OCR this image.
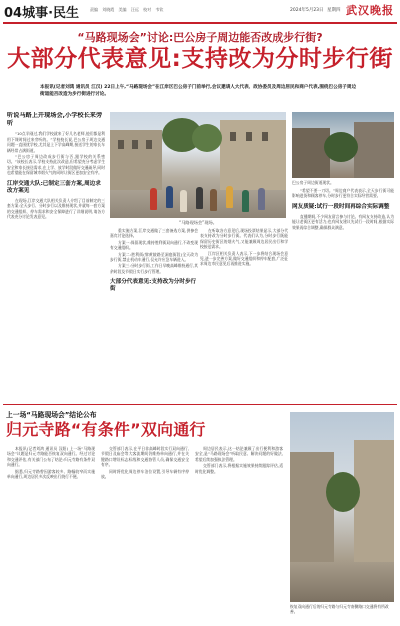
04城事·民生	责编 刘晓霞 美编 汪远 校对 韦钦	2024年5月23日 星期四 武汉晚报
“马路现场会”讨论:巴公房子周边能否改成步行街?
大部分代表意见:支持改为分时步行街
本报讯(记者刘鸿 通讯员 江汉) 22日上午,“马路现场会”在江岸区巴公房子门前举行,会议邀请人大代表、政协委员及周边居民和商户代表,围绕巴公房子周边街道能否改造为步行街进行讨论。
听说马路上开现场会,小学校长来旁听

“10点半刚过,我们学校就来了好几名老师,他们都是利用下课时间过来旁听的。”学校校长说,巴公房子周边交通问题一直困扰学校,尤其是上下学高峰期,接送学生的家长车辆经常占满街道。

“巴公房子周边改成步行街与否,跟学校的关系密切。”该校长表示,学校支持此次改造,但希望充分考虑学生安全和家长接送需求,在上学、放学时段做好交通疏导,同时也希望能在保留城市烟火气的同时让街区更加安全有序。

江岸交通大队:已制定三套方案,周边求改方案见

在现场,江岸交通大队相关负责人介绍了目前制定的三套方案:全天步行、分时步行以及维持现状,并就每一套方案的交通组织、停车需求和安全保障进行了详细说明,请各方代表充分讨论发表意见。

“马路现场会”现场。

重实施方案,江岸交通做了三套备选方案,供参会嘉宾讨论选择。

方案一:保留现状,维持胜利街双向通行,不改变现有交通组织。

方案二:胜利街(黎黄陂路至洞庭街段)全天改为步行街,禁止机动车通行,仅允许应急车辆进入。

方案三:分时步行街,工作日早晚高峰维持通行,其余时段及节假日实行步行管理。

大部分代表意见:支持改为分时步行街

在听取各方意见后,现场投票结果显示,大部分代表支持改为分时步行街。代表们认为,分时步行既能保留历史街区的烟火气,又能兼顾周边居民出行和学校接送需求。

江岸区相关负责人表示,下一步将结合现场会意见,进一步完善方案,做好交通组织和停车配套,广泛征求周边市民意见后再推进实施。

巴公房子周边街道现状。

“希望不要一刀切。”周边商户代表表示,全天步行街可能影响进货和顾客停车,分时步行更符合实际经营需要。

网友质疑:试行一段时间再综合实际调整

直播期间,不少网友留言参与讨论。有网友支持改造,认为能让老街区更有活力;也有网友建议先试行一段时间,根据实际效果再综合调整,确保群众满意。

上一场“马路现场会”结论公布
归元寺路“有条件”双向通行

本报讯(记者刘鸿 通讯员 汉阳) 上一场“马路现场会”议题是归元寺路能否恢复双向通行。经过讨论和交通评估,有关部门公布了结论:归元寺路有条件双向通行。

据悉,归元寺路曾因游客较多、路幅较窄而实施单向通行,周边居民多次反映出行绕行不便。

交管部门表示,在平日非高峰时段实行双向通行,节假日及庙会等大客流期间仍维持单向通行,并在关键路口增设标志标线和交通协管人员,确保交通安全有序。

同时将优化周边停车泊位设置,引导车辆有序停放。

周边居民表示,这一结论兼顾了出行便利和游客安全,是“马路现场会”听取民意、解决问题的好做法,希望后续加强执法管理。

交管部门表示,将根据实施效果持续跟踪评估,适时优化调整。

恢复双向通行后的归元寺路与归元寺南侧路口交通将有所改善。
